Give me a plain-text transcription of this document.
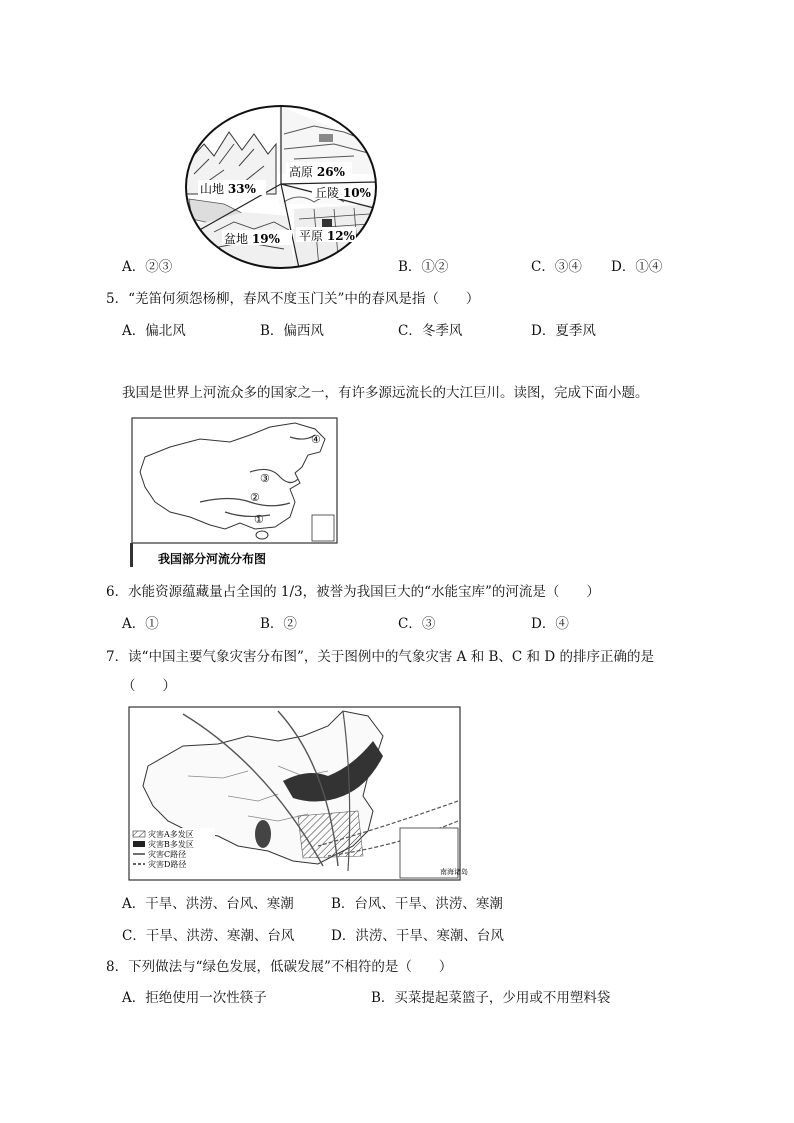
高原 26%
丘陵 10%
平原 12%
盆地 19%
山地 33%
A．②③	B．①②	C．③④ D．①④
5．“羌笛何须怨杨柳，春风不度玉门关”中的春风是指（　　）
A．偏北风	B．偏西风	C．冬季风	D．夏季风
我国是世界上河流众多的国家之一，有许多源远流长的大江巨川。读图，完成下面小题。
④
③
②
①
我国部分河流分布图
6．水能资源蕴藏量占全国的 1/3，被誉为我国巨大的“水能宝库”的河流是（　　）
A．①	B．②	C．③	D．④
7．读“中国主要气象灾害分布图”，关于图例中的气象灾害 A 和 B、C 和 D 的排序正确的是
（　　）
南海诸岛
灾害A多发区
灾害B多发区
灾害C路径
灾害D路径
A．干旱、洪涝、台风、寒潮	B．台风、干旱、洪涝、寒潮
C．干旱、洪涝、寒潮、台风	D．洪涝、干旱、寒潮、台风
8．下列做法与“绿色发展，低碳发展”不相符的是（　　）
A．拒绝使用一次性筷子	B．买菜提起菜篮子，少用或不用塑料袋
